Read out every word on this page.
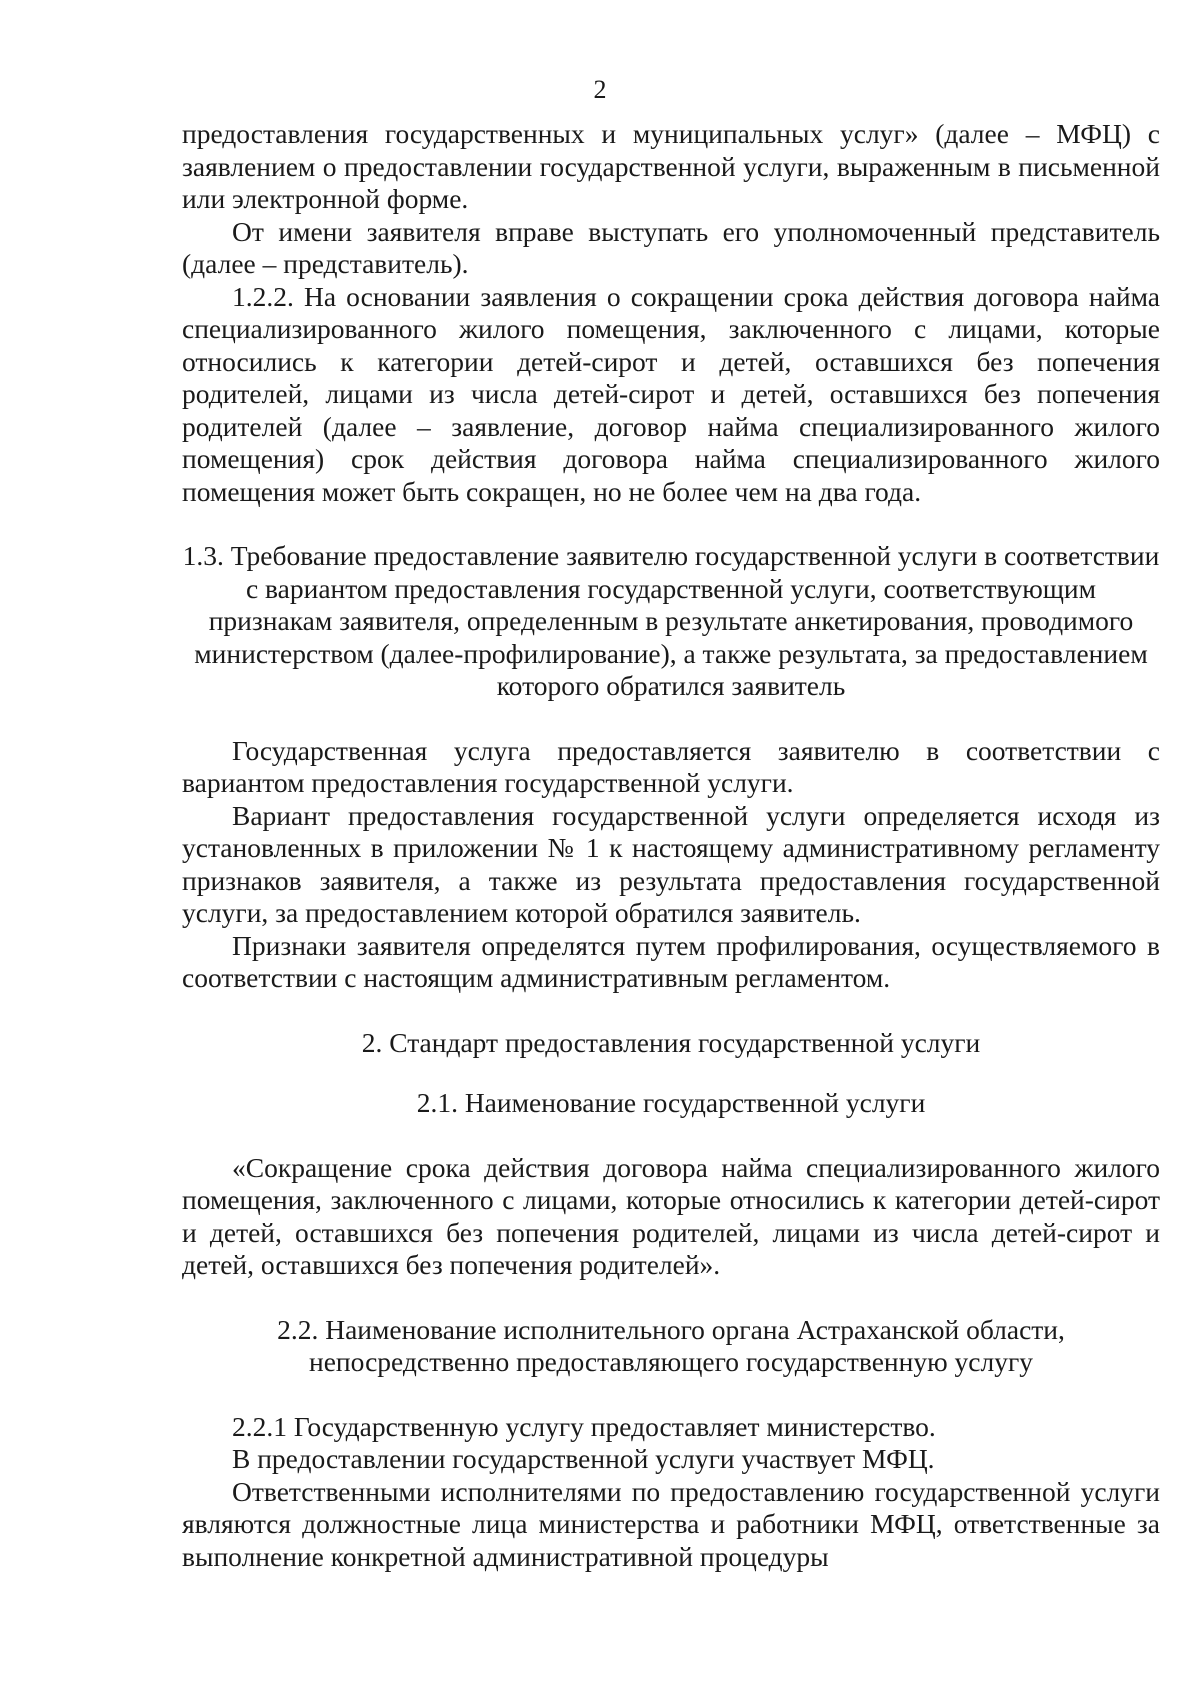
2

предоставления государственных и муниципальных услуг» (далее – МФЦ) с заявлением о предоставлении государственной услуги, выраженным в письменной или электронной форме.

От имени заявителя вправе выступать его уполномоченный представитель (далее – представитель).

1.2.2. На основании заявления о сокращении срока действия договора найма специализированного жилого помещения, заключенного с лицами, которые относились к категории детей-сирот и детей, оставшихся без попечения родителей, лицами из числа детей-сирот и детей, оставшихся без попечения родителей (далее – заявление, договор найма специализированного жилого помещения) срок действия договора найма специализированного жилого помещения может быть сокращен, но не более чем на два года.

1.3. Требование предоставление заявителю государственной услуги в соответствии с вариантом предоставления государственной услуги, соответствующим признакам заявителя, определенным в результате анкетирования, проводимого министерством (далее-профилирование), а также результата, за предоставлением которого обратился заявитель

Государственная услуга предоставляется заявителю в соответствии с вариантом предоставления государственной услуги.

Вариант предоставления государственной услуги определяется исходя из установленных в приложении № 1 к настоящему административному регламенту признаков заявителя, а также из результата предоставления государственной услуги, за предоставлением которой обратился заявитель.

Признаки заявителя определятся путем профилирования, осуществляемого в соответствии с настоящим административным регламентом.

2. Стандарт предоставления государственной услуги

2.1. Наименование государственной услуги

«Сокращение срока действия договора найма специализированного жилого помещения, заключенного с лицами, которые относились к категории детей-сирот и детей, оставшихся без попечения родителей, лицами из числа детей-сирот и детей, оставшихся без попечения родителей».

2.2. Наименование исполнительного органа Астраханской области, непосредственно предоставляющего государственную услугу

2.2.1 Государственную услугу предоставляет министерство.

В предоставлении государственной услуги участвует МФЦ.

Ответственными исполнителями по предоставлению государственной услуги являются должностные лица министерства и работники МФЦ, ответственные за выполнение конкретной административной процедуры
